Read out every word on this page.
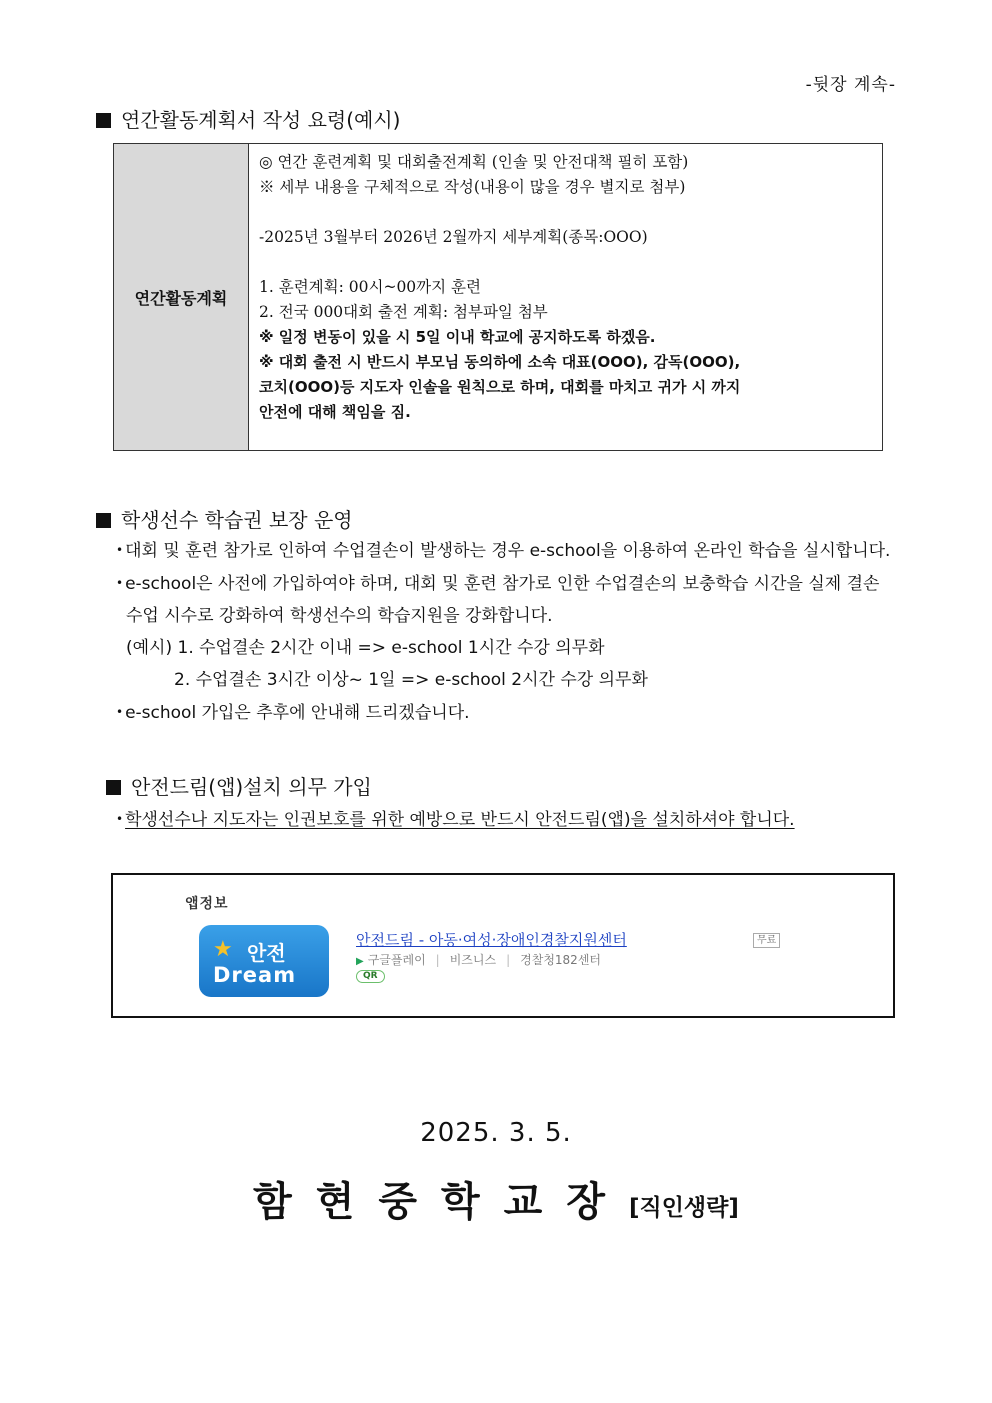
-뒷장 계속-
연간활동계획서 작성 요령(예시)
연간활동계획	
◎ 연간 훈련계획 및 대회출전계획 (인솔 및 안전대책 필히 포함)
※ 세부 내용을 구체적으로 작성(내용이 많을 경우 별지로 첨부)
-2025년 3월부터 2026년 2월까지 세부계획(종목:OOO)
1. 훈련계획: 00시~00까지 훈련
2. 전국 000대회 출전 계획: 첨부파일 첨부
※ 일정 변동이 있을 시 5일 이내 학교에 공지하도록 하겠음.
※ 대회 출전 시 반드시 부모님 동의하에 소속 대표(OOO), 감독(OOO),
코치(OOO)등 지도자 인솔을 원칙으로 하며, 대회를 마치고 귀가 시 까지
안전에 대해 책임을 짐.
학생선수 학습권 보장 운영
• 대회 및 훈련 참가로 인하여 수업결손이 발생하는 경우 e-school을 이용하여 온라인 학습을 실시합니다.
• e-school은 사전에 가입하여야 하며, 대회 및 훈련 참가로 인한 수업결손의 보충학습 시간을 실제 결손
수업 시수로 강화하여 학생선수의 학습지원을 강화합니다.
(예시) 1. 수업결손 2시간 이내 => e-school 1시간 수강 의무화
2. 수업결손 3시간 이상~ 1일 => e-school 2시간 수강 의무화
• e-school 가입은 추후에 안내해 드리겠습니다.
안전드림(앱)설치 의무 가입
• 학생선수나 지도자는 인권보호를 위한 예방으로 반드시 안전드림(앱)을 설치하셔야 합니다.
앱정보
★ 안전
Dream
안전드림 - 아동·여성·장애인경찰지원센터	무료
▶ 구글플레이 | 비즈니스 | 경찰청182센터
QR
2025. 3. 5.
함현중학교장[직인생략]
